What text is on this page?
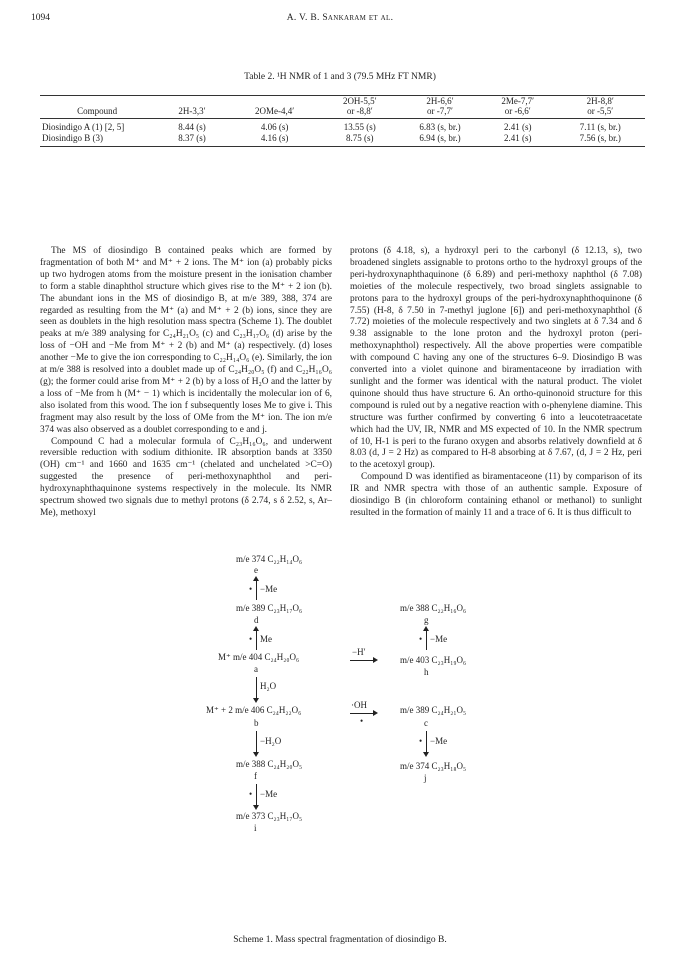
1094	A. V. B. Sankaram et al.
Table 2. ¹H NMR of 1 and 3 (79.5 MHz FT NMR)
			2OH-5,5′	2H-6,6′	2Me-7,7′	2H-8,8′
Compound	2H-3,3′	2OMe-4,4′	or -8,8′	or -7,7′	or -6,6′	or -5,5′
Diosindigo A (1) [2, 5]	8.44 (s)	4.06 (s)	13.55 (s)	6.83 (s, br.)	2.41 (s)	7.11 (s, br.)
Diosindigo B (3)	8.37 (s)	4.16 (s)	8.75 (s)	6.94 (s, br.)	2.41 (s)	7.56 (s, br.)

The MS of diosindigo B contained peaks which are formed by fragmentation of both M⁺ and M⁺ + 2 ions. The M⁺ ion (a) probably picks up two hydrogen atoms from the moisture present in the ionisation chamber to form a stable dinaphthol structure which gives rise to the M⁺ + 2 ion (b). The abundant ions in the MS of diosindigo B, at m/e 389, 388, 374 are regarded as resulting from the M⁺ (a) and M⁺ + 2 (b) ions, since they are seen as doublets in the high resolution mass spectra (Scheme 1). The doublet peaks at m/e 389 analysing for C₂₄H₂₁O₅ (c) and C₂₃H₁₇O₆ (d) arise by the loss of −OH and −Me from M⁺ + 2 (b) and M⁺ (a) respectively. (d) loses another −Me to give the ion corresponding to C₂₂H₁₄O₆ (e). Similarly, the ion at m/e 388 is resolved into a doublet made up of C₂₄H₂₀O₅ (f) and C₂₂H₁₆O₆ (g); the former could arise from M⁺ + 2 (b) by a loss of H₂O and the latter by a loss of −Me from h (M⁺ − 1) which is incidentally the molecular ion of 6, also isolated from this wood. The ion f subsequently loses Me to give i. This fragment may also result by the loss of OMe from the M⁺ ion. The ion m/e 374 was also observed as a doublet corresponding to e and j.

Compound C had a molecular formula of C₂₃H₁₆O₆, and underwent reversible reduction with sodium dithionite. IR absorption bands at 3350 (OH) cm⁻¹ and 1660 and 1635 cm⁻¹ (chelated and unchelated >C=O) suggested the presence of peri-methoxynaphthol and peri-hydroxynaphthaquinone systems respectively in the molecule. Its NMR spectrum showed two signals due to methyl protons (δ 2.74, s δ 2.52, s, Ar–Me), methoxyl

protons (δ 4.18, s), a hydroxyl peri to the carbonyl (δ 12.13, s), two broadened singlets assignable to protons ortho to the hydroxyl groups of the peri-hydroxynaphthaquinone (δ 6.89) and peri-methoxy naphthol (δ 7.08) moieties of the molecule respectively, two broad singlets assignable to protons para to the hydroxyl groups of the peri-hydroxynaphthoquinone (δ 7.55) (H-8, δ 7.50 in 7-methyl juglone [6]) and peri-methoxynaphthol (δ 7.72) moieties of the molecule respectively and two singlets at δ 7.34 and δ 9.38 assignable to the lone proton and the hydroxyl proton (peri-methoxynaphthol) respectively. All the above properties were compatible with compound C having any one of the structures 6–9. Diosindigo B was converted into a violet quinone and biramentaceone by irradiation with sunlight and the former was identical with the natural product. The violet quinone should thus have structure 6. An ortho-quinonoid structure for this compound is ruled out by a negative reaction with o-phenylene diamine. This structure was further confirmed by converting 6 into a leucotetraacetate which had the UV, IR, NMR and MS expected of 10. In the NMR spectrum of 10, H-1 is peri to the furano oxygen and absorbs relatively downfield at δ 8.03 (d, J = 2 Hz) as compared to H-8 absorbing at δ 7.67, (d, J = 2 Hz, peri to the acetoxyl group).

Compound D was identified as biramentaceone (11) by comparison of its IR and NMR spectra with those of an authentic sample. Exposure of diosindigo B (in chloroform containing ethanol or methanol) to sunlight resulted in the formation of mainly 11 and a trace of 6. It is thus difficult to

m/e 374 C₂₂H₁₄O₆
e
• −Me
m/e 389 C₂₃H₁₇O₆
d
• Me
M⁺ m/e 404 C₂₄H₂₀O₆
a
H₂O
M⁺ + 2 m/e 406 C₂₄H₂₂O₆
b
−H₂O
m/e 388 C₂₄H₂₀O₅
f
• −Me
m/e 373 C₂₃H₁₇O₅
i
−H′
·OH
•
m/e 388 C₂₂H₁₆O₆
g
• −Me
m/e 403 C₂₃H₁₉O₆
h
m/e 389 C₂₄H₂₁O₅
c
• −Me
m/e 374 C₂₃H₁₈O₅
j
Scheme 1. Mass spectral fragmentation of diosindigo B.
